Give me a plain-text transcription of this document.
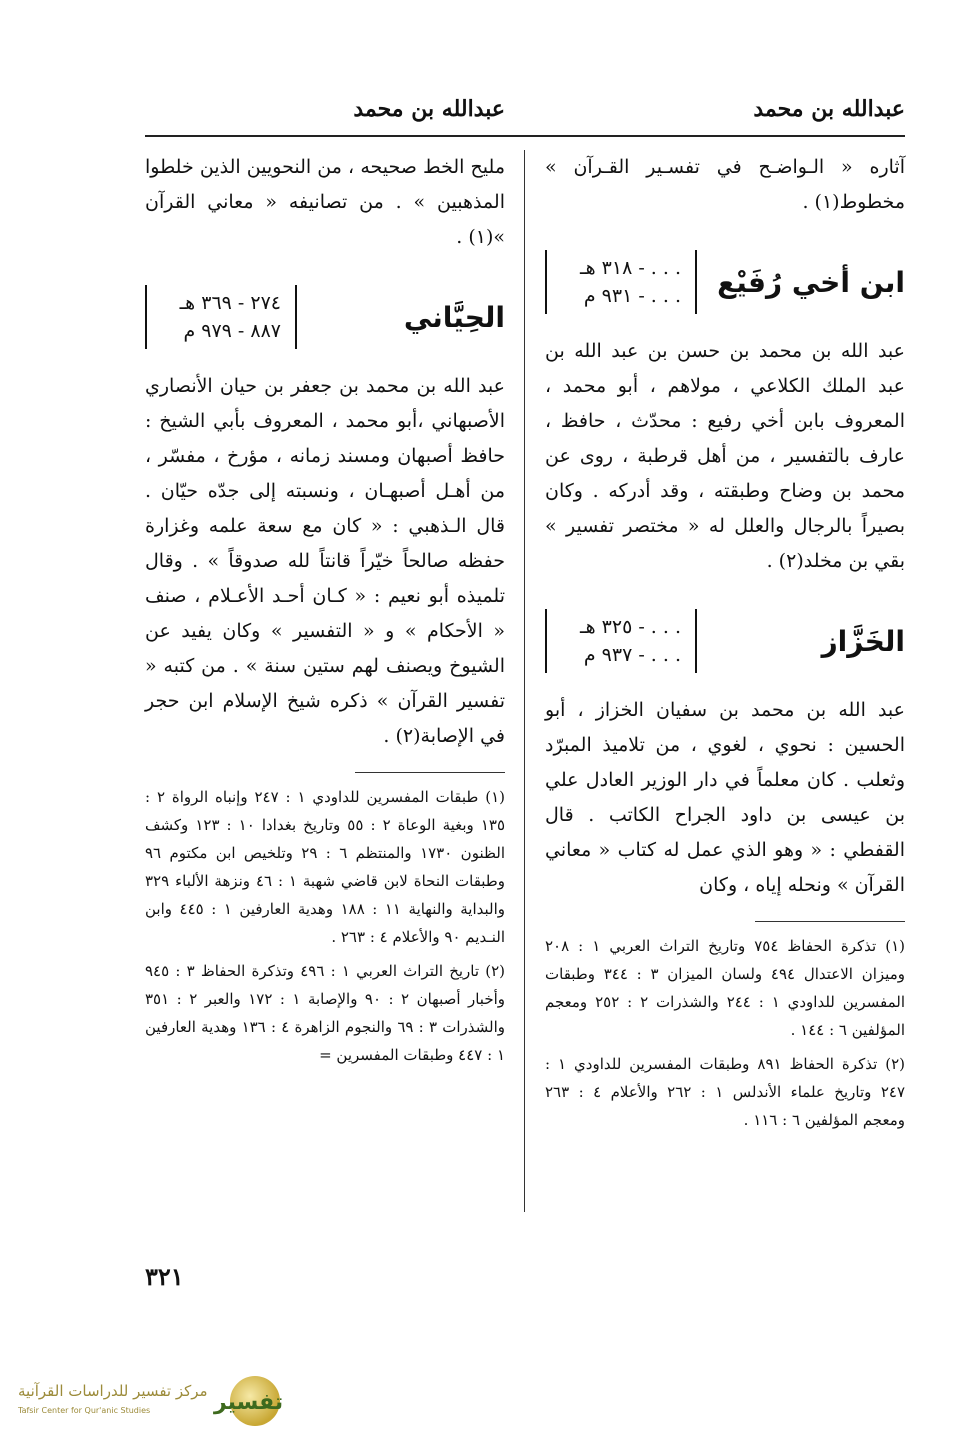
عبدالله بن محمد
عبدالله بن محمد

آثاره « الـواضـح في تفسـير القـرآن » مخطوط(١) .

ابن أخي رُفَيْع
. . . - ٣١٨ هـ
. . . - ٩٣١ م

عبد الله بن محمد بن حسن بن عبد الله بن عبد الملك الكلاعي ، مولاهم ، أبو محمد ، المعروف بابن أخي رفيع : محدّث ، حافظ ، عارف بالتفسير ، من أهل قرطبة ، روى عن محمد بن وضاح وطبقته ، وقد أدركه . وكان بصيراً بالرجال والعلل له « مختصر تفسير » بقي بن مخلد(٢) .

الخَزَّاز
. . . - ٣٢٥ هـ
. . . - ٩٣٧ م

عبد الله بن محمد بن سفيان الخزاز ، أبو الحسين : نحوي ، لغوي ، من تلاميذ المبرّد وثعلب . كان معلماً في دار الوزير العادل علي بن عيسى بن داود الجراح الكاتب . قال القفطي : « وهو الذي عمل له كتاب « معاني القرآن » ونحله إياه ، وكان

(١) تذكرة الحفاظ ٧٥٤ وتاريخ التراث العربي ١ : ٢٠٨ وميزان الاعتدال ٤٩٤ ولسان الميزان ٣ : ٣٤٤ وطبقات المفسرين للداودي ١ : ٢٤٤ والشذرات ٢ : ٢٥٢ ومعجم المؤلفين ٦ : ١٤٤ .

(٢) تذكرة الحفاظ ٨٩١ وطبقات المفسرين للداودي ١ : ٢٤٧ وتاريخ علماء الأندلس ١ : ٢٦٢ والأعلام ٤ : ٢٦٣ ومعجم المؤلفين ٦ : ١١٦ .

مليح الخط صحيحه ، من النحويين الذين خلطوا المذهبين » . من تصانيفه « معاني القرآن »(١) .

الحِيَّاني
٢٧٤ - ٣٦٩ هـ
٨٨٧ - ٩٧٩ م

عبد الله بن محمد بن جعفر بن حيان الأنصاري الأصبهاني ،أبو محمد ، المعروف بأبي الشيخ : حافظ أصبهان ومسند زمانه ، مؤرخ ، مفسّر ، من أهـل أصبهـان ، ونسبته إلى جدّه حيّان . قال الـذهبي : « كان مع سعة علمه وغزارة حفظه صالحاً خيّراً قانتاً لله صدوقاً » . وقال تلميذه أبو نعيم : « كـان أحـد الأعـلام ، صنف « الأحكام » و « التفسير » وكان يفيد عن الشيوخ ويصنف لهم ستين سنة » . من كتبه « تفسير القرآن » ذكره شيخ الإسلام ابن حجر في الإصابة(٢) .

(١) طبقات المفسرين للداودي ١ : ٢٤٧ وإنباه الرواة ٢ : ١٣٥ وبغية الوعاة ٢ : ٥٥ وتاريخ بغدادا ١٠ : ١٢٣ وكشف الظنون ١٧٣٠ والمنتظم ٦ : ٢٩ وتلخيص ابن مكتوم ٩٦ وطبقات النحاة لابن قاضي شهبة ١ : ٤٦ ونزهة الألباء ٣٢٩ والبداية والنهاية ١١ : ١٨٨ وهدية العارفين ١ : ٤٤٥ وابن النـديم ٩٠ والأعلام ٤ : ٢٦٣ .

(٢) تاريخ التراث العربي ١ : ٤٩٦ وتذكرة الحفاظ ٣ : ٩٤٥ وأخبار أصبهان ٢ : ٩٠ والإصابة ١ : ١٧٢ والعبر ٢ : ٣٥١ والشذرات ٣ : ٦٩ والنجوم الزاهرة ٤ : ١٣٦ وهدية العارفين ١ : ٤٤٧ وطبقات المفسرين =

٣٢١
مركز تفسير للدراسات القرآنية
Tafsir Center for Qur'anic Studies	تفسير
